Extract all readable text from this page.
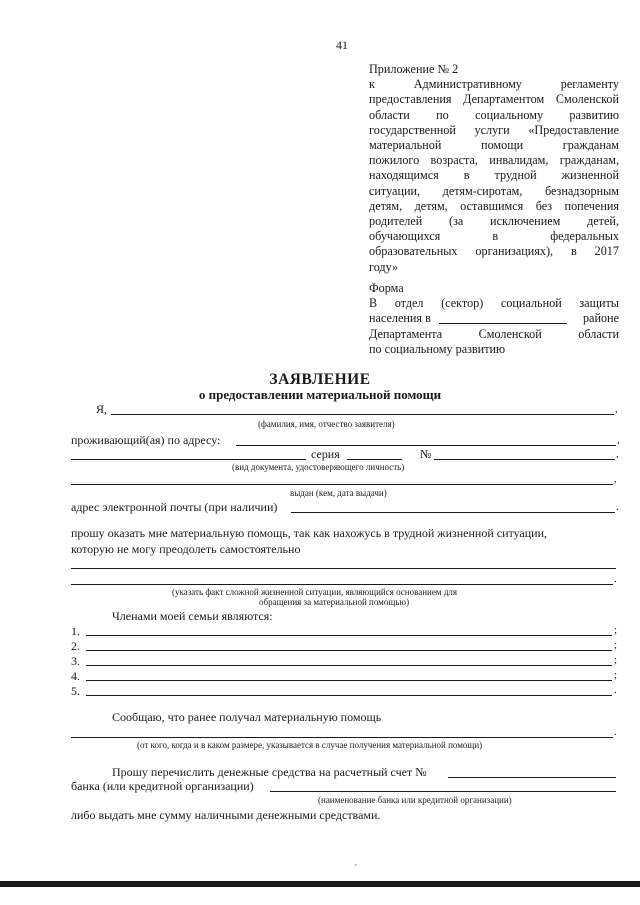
41
Приложение № 2
к Административному регламенту
предоставления Департаментом Смоленской
области по социальному развитию
государственной услуги «Предоставление
материальной помощи гражданам
пожилого возраста, инвалидам, гражданам,
находящимся в трудной жизненной
ситуации, детям-сиротам, безнадзорным
детям, детям, оставшимся без попечения
родителей (за исключением детей,
обучающихся в федеральных
образовательных организациях), в 2017
году»
Форма
В отдел (сектор) социальной защиты
населения в	районе
Департамента Смоленской области
по социальному развитию
ЗАЯВЛЕНИЕ
о предоставлении материальной помощи
Я,	,
(фамилия, имя, отчество заявителя)
проживающий(ая) по адресу:	,
серия	№	,
(вид документа, удостоверяющего личность)
,
выдан (кем, дата выдачи)
адрес электронной почты (при наличии)	.
прошу оказать мне материальную помощь, так как нахожусь в трудной жизненной ситуации,
которую не могу преодолеть самостоятельно
.
(указать факт сложной жизненной ситуации, являющийся основанием для
обращения за материальной помощью)
Членами моей семьи являются:
1.	;
2.	;
3.	;
4.	;
5.	.
Сообщаю, что ранее получал материальную помощь
.
(от кого, когда и в каком размере, указывается в случае получения материальной помощи)
Прошу перечислить денежные средства на расчетный счет №
банка (или кредитной организации)
(наименование банка или кредитной организации)
либо выдать мне сумму наличными денежными средствами.
ˊ
